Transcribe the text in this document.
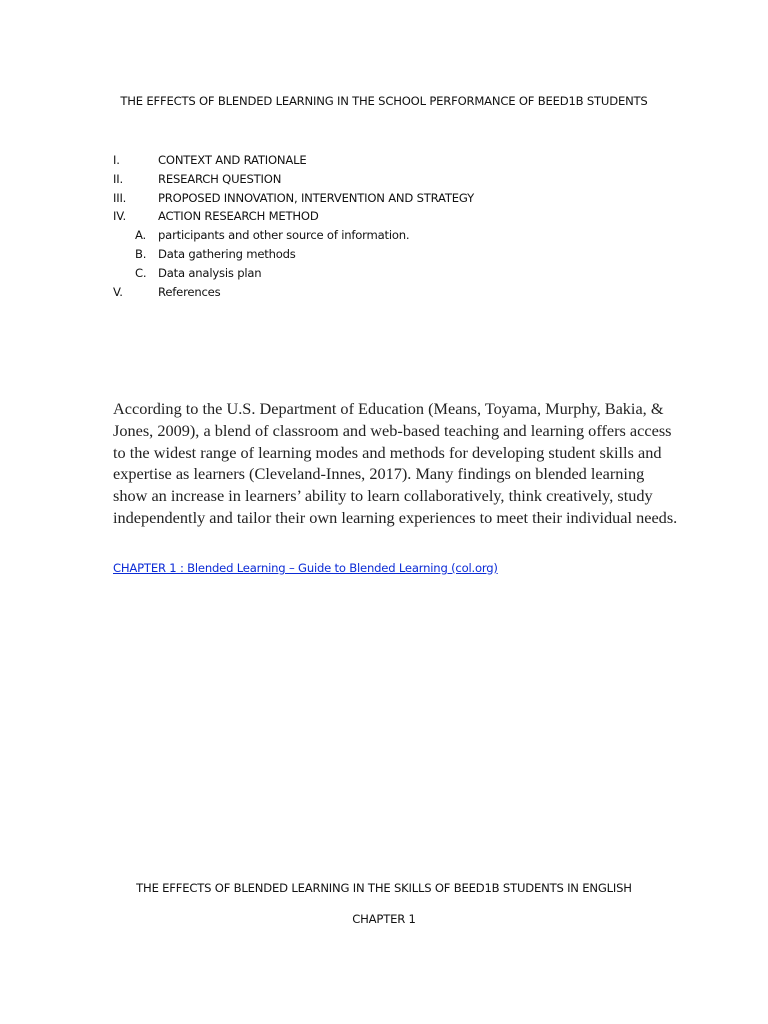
THE EFFECTS OF BLENDED LEARNING IN THE SCHOOL PERFORMANCE OF BEED1B STUDENTS
I.	CONTEXT AND RATIONALE
II.	RESEARCH QUESTION
III.	PROPOSED INNOVATION, INTERVENTION AND STRATEGY
IV.	ACTION RESEARCH METHOD
A. participants and other source of information.
B. Data gathering methods
C. Data analysis plan
V.	References

According to the U.S. Department of Education (Means, Toyama, Murphy, Bakia, & Jones, 2009), a blend of classroom and web-based teaching and learning offers access to the widest range of learning modes and methods for developing student skills and expertise as learners (Cleveland-Innes, 2017). Many findings on blended learning show an increase in learners’ ability to learn collaboratively, think creatively, study independently and tailor their own learning experiences to meet their individual needs.

CHAPTER 1 : Blended Learning – Guide to Blended Learning (col.org)
THE EFFECTS OF BLENDED LEARNING IN THE SKILLS OF BEED1B STUDENTS IN ENGLISH
CHAPTER 1
